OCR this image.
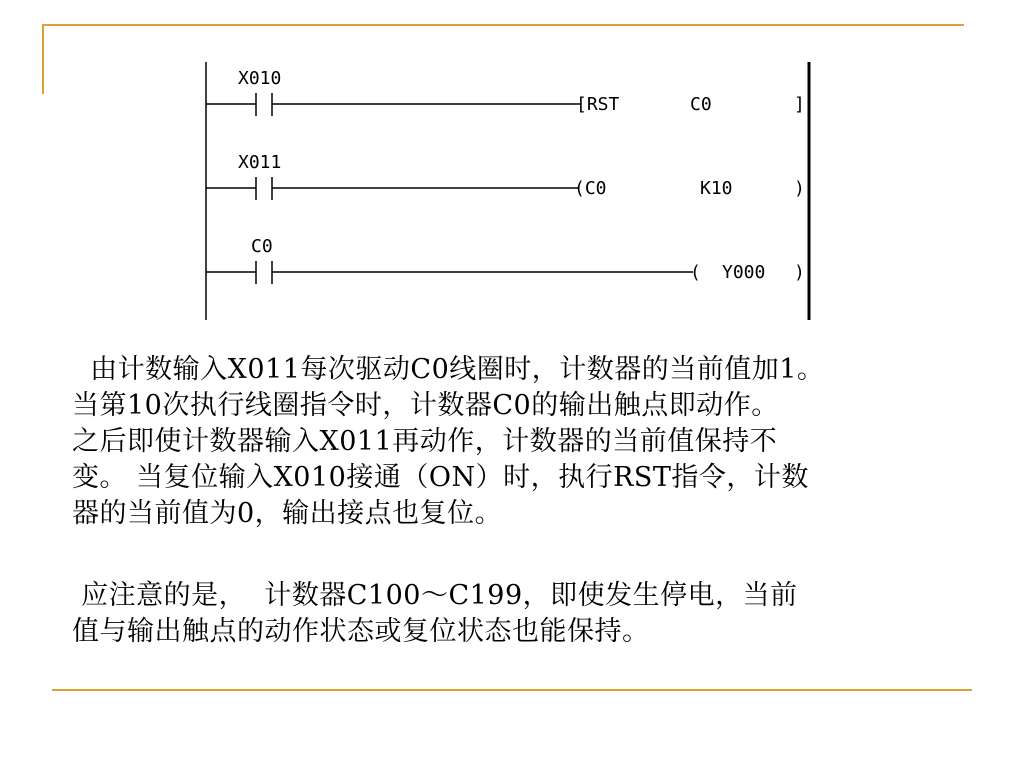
X010
[RST	C0	]
X011
(C0	K10	)
C0
( Y000 )

由计数输入X011每次驱动C0线圈时，计数器的当前值加1。
当第10次执行线圈指令时，计数器C0的输出触点即动作。
之后即使计数器输入X011再动作，计数器的当前值保持不
变。 当复位输入X010接通（ON）时，执行RST指令，计数
器的当前值为0，输出接点也复位。

应注意的是，  计数器C100～C199，即使发生停电，当前
值与输出触点的动作状态或复位状态也能保持。
